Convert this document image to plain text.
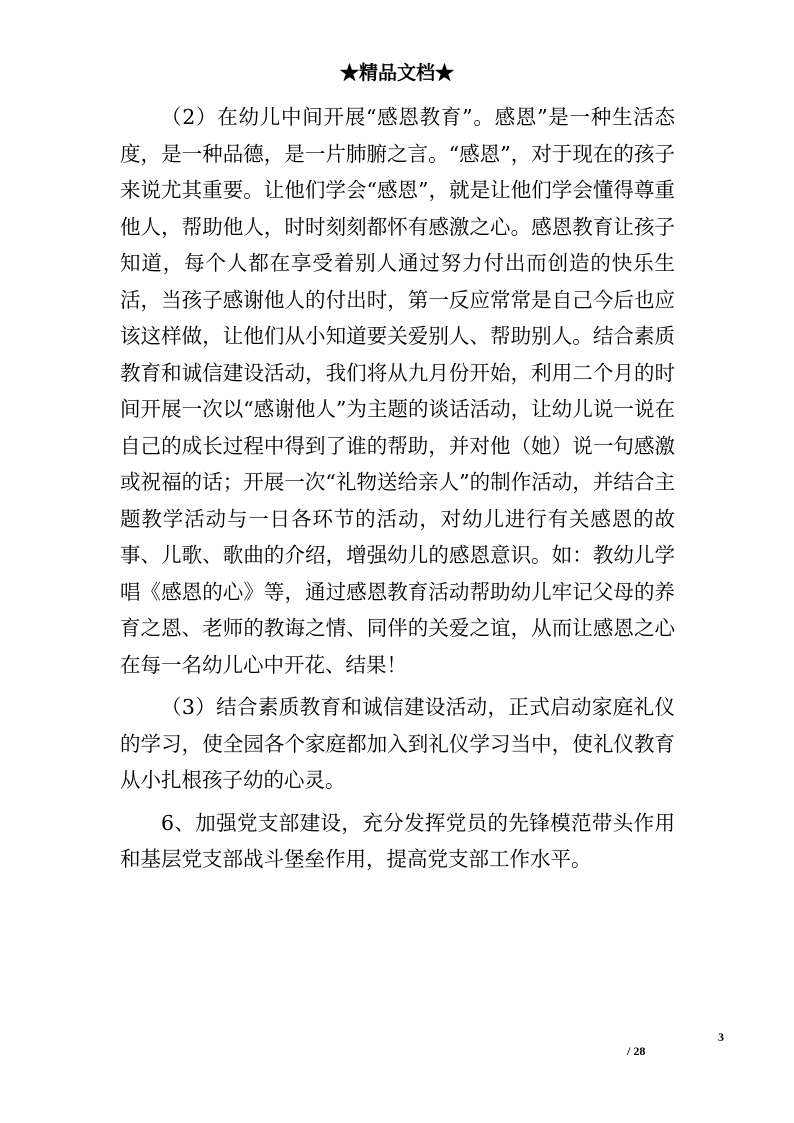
★精品文档★

（2）在幼儿中间开展“感恩教育”。感恩”是一种生活态度，是一种品德，是一片肺腑之言。“感恩”，对于现在的孩子来说尤其重要。让他们学会“感恩”，就是让他们学会懂得尊重他人，帮助他人，时时刻刻都怀有感激之心。感恩教育让孩子知道，每个人都在享受着别人通过努力付出而创造的快乐生活，当孩子感谢他人的付出时，第一反应常常是自己今后也应该这样做，让他们从小知道要关爱别人、帮助别人。结合素质教育和诚信建设活动，我们将从九月份开始，利用二个月的时间开展一次以“感谢他人”为主题的谈话活动，让幼儿说一说在自己的成长过程中得到了谁的帮助，并对他（她）说一句感激或祝福的话；开展一次“礼物送给亲人”的制作活动，并结合主题教学活动与一日各环节的活动，对幼儿进行有关感恩的故事、儿歌、歌曲的介绍，增强幼儿的感恩意识。如：教幼儿学唱《感恩的心》等，通过感恩教育活动帮助幼儿牢记父母的养育之恩、老师的教诲之情、同伴的关爱之谊，从而让感恩之心在每一名幼儿心中开花、结果！

（3）结合素质教育和诚信建设活动，正式启动家庭礼仪的学习，使全园各个家庭都加入到礼仪学习当中，使礼仪教育从小扎根孩子幼的心灵。

6、加强党支部建设，充分发挥党员的先锋模范带头作用和基层党支部战斗堡垒作用，提高党支部工作水平。

3
/ 28
